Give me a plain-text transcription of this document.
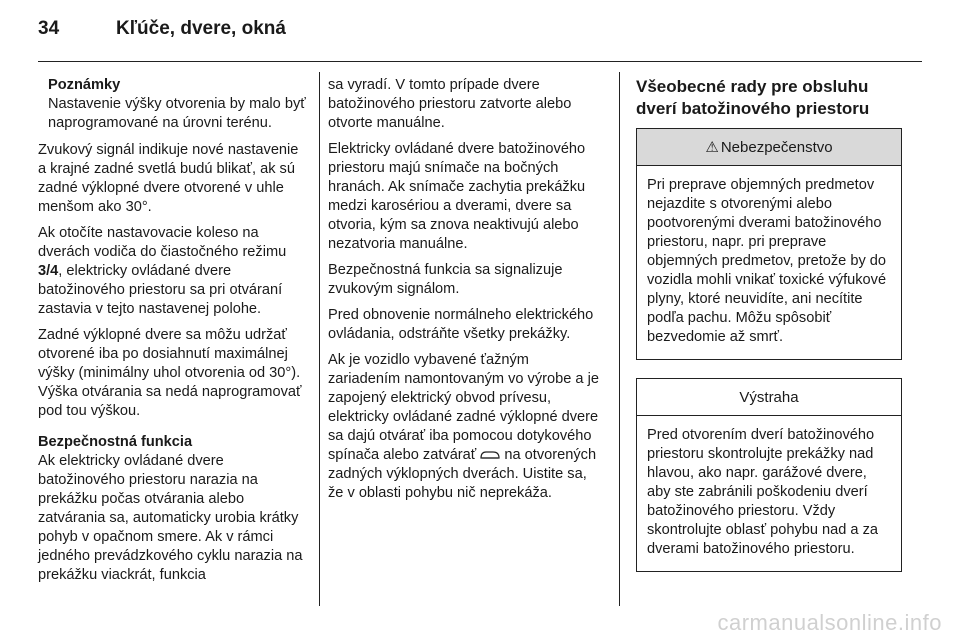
34	Kľúče, dvere, okná
Poznámky
Nastavenie výšky otvorenia by malo byť naprogramované na úrovni terénu.

Zvukový signál indikuje nové nastavenie a krajné zadné svetlá budú blikať, ak sú zadné výklopné dvere otvorené v uhle menšom ako 30°.

Ak otočíte nastavovacie koleso na dverách vodiča do čiastočného režimu 3/4, elektricky ovládané dvere batožinového priestoru sa pri otváraní zastavia v tejto nastavenej polohe.

Zadné výklopné dvere sa môžu udržať otvorené iba po dosiahnutí maximálnej výšky (minimálny uhol otvorenia od 30°). Výška otvárania sa nedá naprogramovať pod tou výškou.

Bezpečnostná funkcia

Ak elektricky ovládané dvere batožinového priestoru narazia na prekážku počas otvárania alebo zatvárania sa, automaticky urobia krátky pohyb v opačnom smere. Ak v rámci jedného prevádzkového cyklu narazia na prekážku viackrát, funkcia

sa vyradí. V tomto prípade dvere batožinového priestoru zatvorte alebo otvorte manuálne.

Elektricky ovládané dvere batožinového priestoru majú snímače na bočných hranách. Ak snímače zachytia prekážku medzi karosériou a dverami, dvere sa otvoria, kým sa znova neaktivujú alebo nezatvoria manuálne.

Bezpečnostná funkcia sa signalizuje zvukovým signálom.

Pred obnovenie normálneho elektrického ovládania, odstráňte všetky prekážky.

Ak je vozidlo vybavené ťažným zariadením namontovaným vo výrobe a je zapojený elektrický obvod prívesu, elektricky ovládané zadné výklopné dvere sa dajú otvárať iba pomocou dotykového spínača alebo zatvárať  na otvorených zadných výklopných dverách. Uistite sa, že v oblasti pohybu nič neprekáža.

Všeobecné rady pre obsluhu dverí batožinového priestoru
⚠ Nebezpečenstvo
Pri preprave objemných predmetov nejazdite s otvorenými alebo pootvorenými dverami batožinového priestoru, napr. pri preprave objemných predmetov, pretože by do vozidla mohli vnikať toxické výfukové plyny, ktoré neuvidíte, ani necítite podľa pachu. Môžu spôsobiť bezvedomie až smrť.
Výstraha
Pred otvorením dverí batožinového priestoru skontrolujte prekážky nad hlavou, ako napr. garážové dvere, aby ste zabránili poškodeniu dverí batožinového priestoru. Vždy skontrolujte oblasť pohybu nad a za dverami batožinového priestoru.
carmanualsonline.info
